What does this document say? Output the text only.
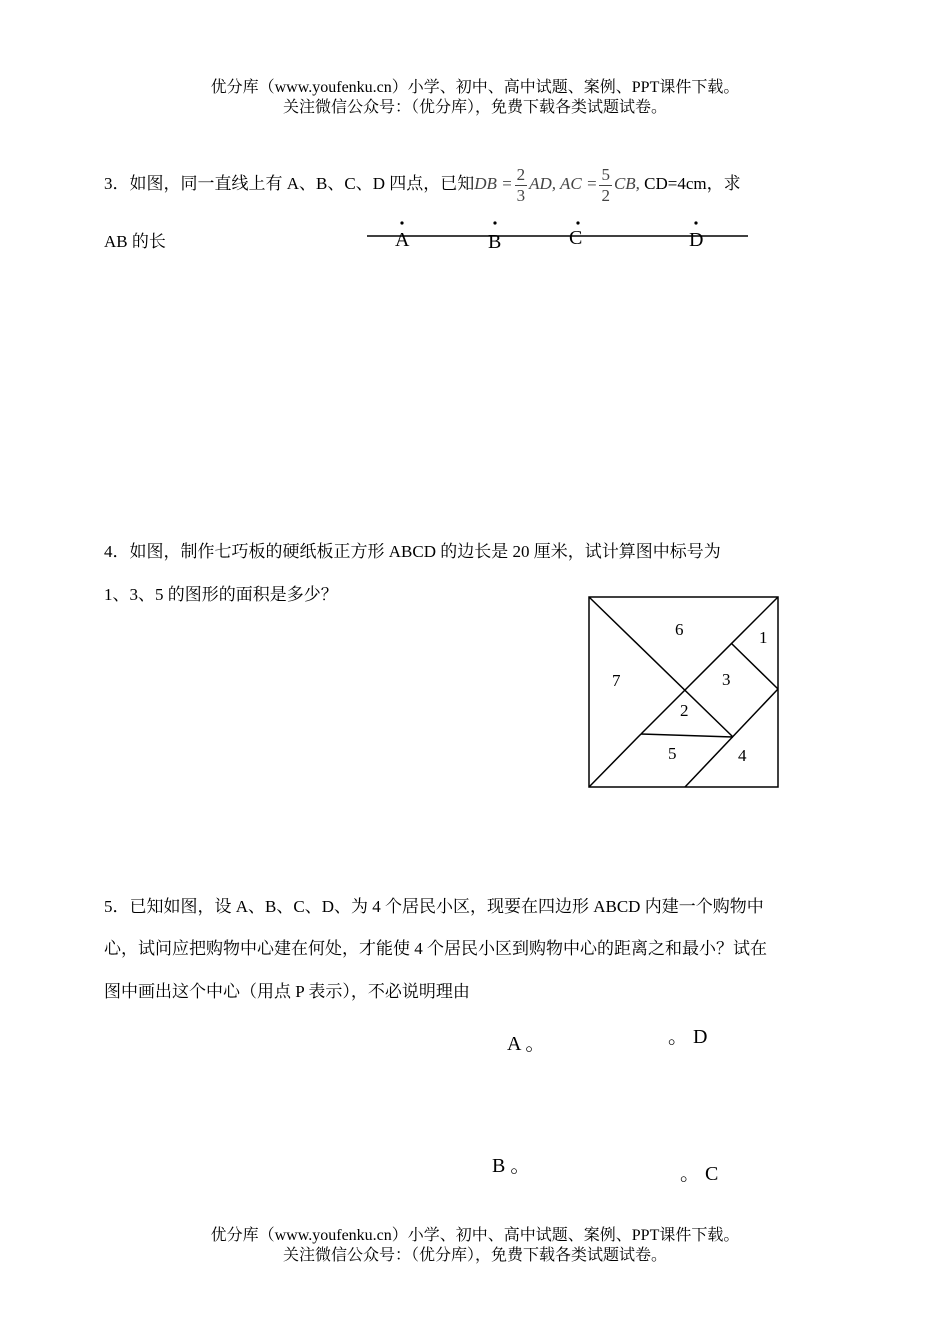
优分库（www.youfenku.cn）小学、初中、高中试题、案例、PPT课件下载。
关注微信公众号：（优分库），免费下载各类试题试卷。
3．如图，同一直线上有 A、B、C、D 四点，已知DB = $\frac{2}{3}$ AD, AC = $\frac{5}{2}$ CB, CD=4cm，求
AB 的长	A	B	C	D
4．如图，制作七巧板的硬纸板正方形 ABCD 的边长是 20 厘米，试计算图中标号为
1、3、5 的图形的面积是多少？
6	1
7	3
2
5	4
5．已知如图，设 A、B、C、D、为 4 个居民小区，现要在四边形 ABCD 内建一个购物中
心，试问应把购物中心建在何处，才能使 4 个居民小区到购物中心的距离之和最小？试在
图中画出这个中心（用点 P 表示），不必说明理由
A 。	。 D
B 。	。 C
优分库（www.youfenku.cn）小学、初中、高中试题、案例、PPT课件下载。
关注微信公众号：（优分库），免费下载各类试题试卷。
